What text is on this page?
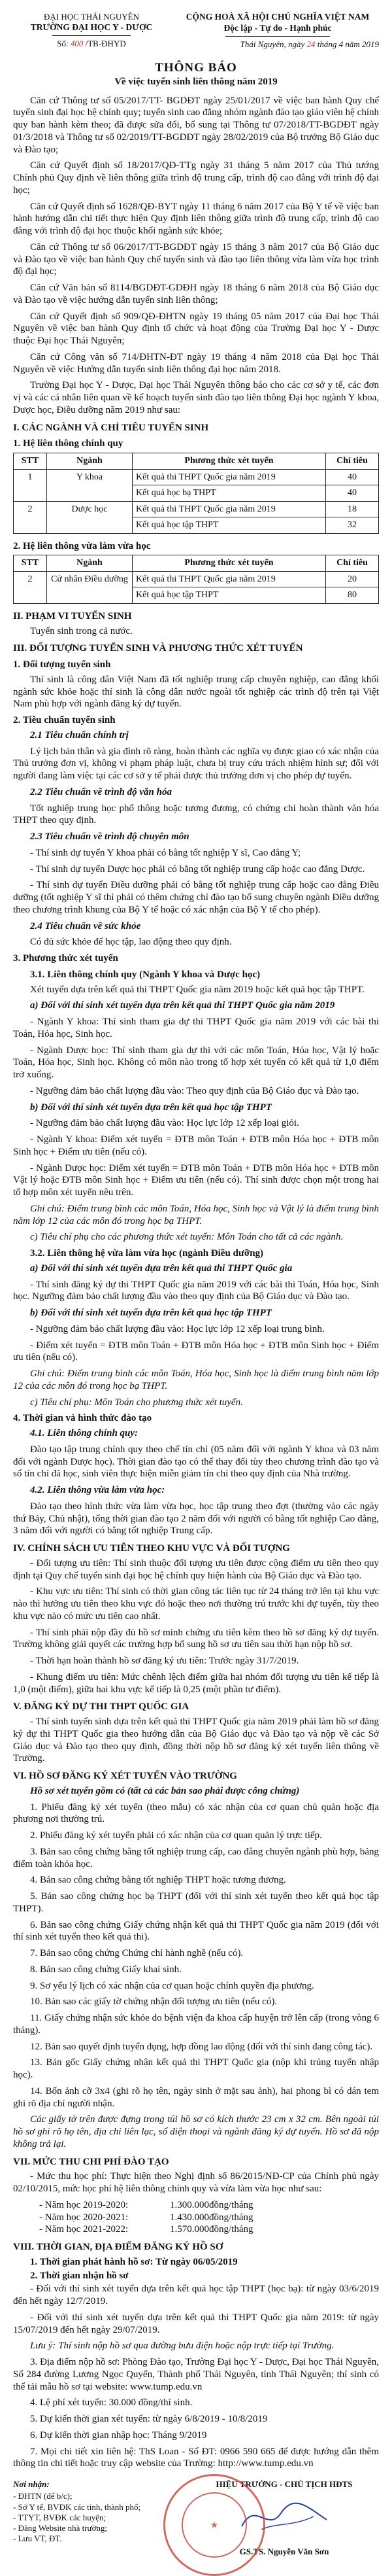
ĐẠI HỌC THÁI NGUYÊN
TRƯỜNG ĐẠI HỌC Y - DƯỢC
Số: 400 /TB-ĐHYD
CỘNG HOÀ XÃ HỘI CHỦ NGHĨA VIỆT NAM
Độc lập - Tự do - Hạnh phúc
Thái Nguyên, ngày 24 tháng 4 năm 2019
THÔNG BÁO
Về việc tuyển sinh liên thông năm 2019

Căn cứ Thông tư số 05/2017/TT- BGDĐT ngày 25/01/2017 về việc ban hành Quy chế tuyển sinh đại học hệ chính quy; tuyển sinh cao đẳng nhóm ngành đào tạo giáo viên hệ chính quy ban hành kèm theo; đã được sửa đổi, bổ sung tại Thông tư 07/2018/TT-BGDĐT ngày 01/3/2018 và Thông tư số 02/2019/TT-BGDĐT ngày 28/02/2019 của Bộ trưởng Bộ Giáo dục và Đào tạo;

Căn cứ Quyết định số 18/2017/QĐ-TTg ngày 31 tháng 5 năm 2017 của Thủ tướng Chính phủ Quy định về liên thông giữa trình độ trung cấp, trình độ cao đẳng với trình độ đại học;

Căn cứ Quyết định số 1628/QĐ-BYT ngày 11 tháng 6 năm 2017 của Bộ Y tế về việc ban hành hướng dẫn chi tiết thực hiện Quy định liên thông giữa trình độ trung cấp, trình độ cao đẳng với trình độ đại học thuộc khối ngành sức khỏe;

Căn cứ Thông tư số 06/2017/TT-BGDĐT ngày 15 tháng 3 năm 2017 của Bộ Giáo dục và Đào tạo về việc ban hành Quy chế tuyển sinh và đào tạo liên thông vừa làm vừa học trình độ đại học;

Căn cứ Văn bản số 8114/BGDĐT-GDĐH ngày 18 tháng 6 năm 2018 của Bộ Giáo dục và Đào tạo về việc hướng dẫn tuyển sinh liên thông;

Căn cứ Quyết định số 909/QĐ-ĐHTN ngày 19 tháng 05 năm 2017 của Đại học Thái Nguyên về việc ban hành Quy định tổ chức và hoạt động của Trường Đại học Y - Dược thuộc Đại học Thái Nguyên;

Căn cứ Công văn số 714/ĐHTN-ĐT ngày 19 tháng 4 năm 2018 của Đại học Thái Nguyên về việc Hướng dẫn tuyển sinh liên thông đại học năm 2018.

Trường Đại học Y - Dược, Đại học Thái Nguyên thông báo cho các cơ sở y tế, các đơn vị và các cá nhân liên quan về kế hoạch tuyển sinh đào tạo liên thông Đại học ngành Y khoa, Dược học, Điều dưỡng năm 2019 như sau:

I. CÁC NGÀNH VÀ CHỈ TIÊU TUYỂN SINH
1. Hệ liên thông chính quy
STT	Ngành	Phương thức xét tuyển	Chỉ tiêu
1	Y khoa	Kết quả thi THPT Quốc gia năm 2019	40
		Kết quả học bạ THPT	40
2	Dược học	Kết quả thi THPT Quốc gia năm 2019	18
		Kết quả học tập THPT	32
2. Hệ liên thông vừa làm vừa học
STT	Ngành	Phương thức xét tuyển	Chỉ tiêu
2	Cử nhân Điều dưỡng	Kết quả thi THPT Quốc gia năm 2019	20
		Kết quả học tập THPT	80
II. PHẠM VI TUYỂN SINH

Tuyển sinh trong cả nước.

III. ĐỐI TƯỢNG TUYỂN SINH VÀ PHƯƠNG THỨC XÉT TUYỂN
1. Đối tượng tuyển sinh

Thí sinh là công dân Việt Nam đã tốt nghiệp trung cấp chuyên nghiệp, cao đẳng khối ngành sức khỏe hoặc thí sinh là công dân nước ngoài tốt nghiệp các trình độ trên tại Việt Nam phù hợp với ngành đăng ký dự tuyển.

2. Tiêu chuẩn tuyển sinh

2.1 Tiêu chuẩn chính trị

Lý lịch bản thân và gia đình rõ ràng, hoàn thành các nghĩa vụ được giao có xác nhận của Thủ trưởng đơn vị, không vi phạm pháp luật, chưa bị truy cứu trách nhiệm hình sự; đối với người đang làm việc tại các cơ sở y tế phải được thủ trưởng đơn vị cho phép dự tuyển.

2.2 Tiêu chuẩn về trình độ văn hóa

Tốt nghiệp trung học phổ thông hoặc tương đương, có chứng chỉ hoàn thành văn hóa THPT theo quy định.

2.3 Tiêu chuẩn về trình độ chuyên môn

- Thí sinh dự tuyển Y khoa phải có bằng tốt nghiệp Y sĩ, Cao đẳng Y;

- Thí sinh dự tuyển Dược học phải có bằng tốt nghiệp trung cấp hoặc cao đẳng Dược.

- Thí sinh dự tuyển Điều dưỡng phải có bằng tốt nghiệp trung cấp hoặc cao đẳng Điều dưỡng (tốt nghiệp Y sĩ thì phải có thêm chứng chỉ đào tạo bổ sung chuyên ngành Điều dưỡng theo chương trình khung của Bộ Y tế hoặc có xác nhận của Bộ Y tế cho phép).

2.4 Tiêu chuẩn về sức khỏe

Có đủ sức khỏe để học tập, lao động theo quy định.

3. Phương thức xét tuyển

3.1. Liên thông chính quy (Ngành Y khoa và Dược học)

Xét tuyển dựa trên kết quả thi THPT Quốc gia năm 2019 hoặc kết quả học tập THPT.

a) Đối với thí sinh xét tuyển dựa trên kết quả thi THPT Quốc gia năm 2019

- Ngành Y khoa: Thí sinh tham gia dự thi THPT Quốc gia năm 2019 với các bài thi Toán, Hóa học, Sinh học.

- Ngành Dược học: Thí sinh tham gia dự thi với các môn Toán, Hóa học, Vật lý hoặc Toán, Hóa học, Sinh học. Không có môn nào trong tổ hợp xét tuyển có kết quả từ 1,0 điểm trở xuống.

- Ngưỡng đảm bảo chất lượng đầu vào: Theo quy định của Bộ Giáo dục và Đào tạo.

b) Đối với thí sinh xét tuyển dựa trên kết quả học tập THPT

- Ngưỡng đảm bảo chất lượng đầu vào: Học lực lớp 12 xếp loại giỏi.

- Ngành Y khoa: Điểm xét tuyển = ĐTB môn Toán + ĐTB môn Hóa học + ĐTB môn Sinh học + Điểm ưu tiên (nếu có).

- Ngành Dược học: Điểm xét tuyển = ĐTB môn Toán + ĐTB môn Hóa học + ĐTB môn Vật lý hoặc ĐTB môn Sinh học + Điểm ưu tiên (nếu có). Thí sinh được chọn một trong hai tổ hợp môn xét tuyển nêu trên.

Ghi chú: Điểm trung bình các môn Toán, Hóa học, Sinh học và Vật lý là điểm trung bình năm lớp 12 của các môn đó trong học bạ THPT.

c) Tiêu chí phụ cho các phương thức xét tuyển: Môn Toán cho tất cả các ngành.

3.2. Liên thông hệ vừa làm vừa học (ngành Điều dưỡng)

a) Đối với thí sinh xét tuyển dựa trên kết quả thi THPT Quốc gia

- Thí sinh đăng ký dự thi THPT Quốc gia năm 2019 với các bài thi Toán, Hóa học, Sinh học. Ngưỡng đảm bảo chất lượng đầu vào theo quy định của Bộ Giáo dục và Đào tạo.

b) Đối với thí sinh xét tuyển dựa trên kết quả học tập THPT

- Ngưỡng đảm bảo chất lượng đầu vào: Học lực lớp 12 xếp loại trung bình.

- Điểm xét tuyển = ĐTB môn Toán + ĐTB môn Hóa học + ĐTB môn Sinh học + Điểm ưu tiên (nếu có).

Ghi chú: Điểm trung bình các môn Toán, Hóa học, Sinh học là điểm trung bình năm lớp 12 của các môn đó trong học bạ THPT.

c) Tiêu chí phụ: Môn Toán cho phương thức xét tuyển.

4. Thời gian và hình thức đào tạo

4.1. Liên thông chính quy:

Đào tạo tập trung chính quy theo chế tín chỉ (05 năm đối với ngành Y khoa và 03 năm đối với ngành Dược học). Thời gian đào tạo có thể thay đổi tùy theo chương trình đào tạo và số tín chỉ đã học, sinh viên thực hiện miễn giảm tín chỉ theo quy định của Nhà trường.

4.2. Liên thông vừa làm vừa học:

Đào tạo theo hình thức vừa làm vừa học, học tập trung theo đợt (thường vào các ngày thứ Bảy, Chủ nhật), tổng thời gian đào tạo 2 năm đối với người có bằng tốt nghiệp Cao đẳng, 3 năm đối với người có bằng tốt nghiệp Trung cấp.

IV. CHÍNH SÁCH ƯU TIÊN THEO KHU VỰC VÀ ĐỐI TƯỢNG

- Đối tượng ưu tiên: Thí sinh thuộc đối tượng ưu tiên được cộng điểm ưu tiên theo quy định tại Quy chế tuyển sinh đại học hệ chính quy hiện hành của Bộ Giáo dục và Đào tạo.

- Khu vực ưu tiên: Thí sinh có thời gian công tác liên tục từ 24 tháng trở lên tại khu vực nào thì hưởng ưu tiên theo khu vực đó hoặc theo nơi thường trú trước khi dự tuyển, tùy theo khu vực nào có mức ưu tiên cao nhất.

- Thí sinh phải nộp đầy đủ hồ sơ minh chứng ưu tiên kèm theo hồ sơ đăng ký dự tuyển. Trường không giải quyết các trường hợp bổ sung hồ sơ ưu tiên sau thời hạn nộp hồ sơ.

- Thời hạn hoàn thành hồ sơ đăng ký ưu tiên: Trước ngày 31/7/2019.

- Khung điểm ưu tiên: Mức chênh lệch điểm giữa hai nhóm đối tượng ưu tiên kế tiếp là 1,0 (một điểm), giữa hai khu vực kế tiếp là 0,25 (một phần tư điểm).

V. ĐĂNG KÝ DỰ THI THPT QUỐC GIA

- Thí sinh tuyển sinh dựa trên kết quả thi THPT Quốc gia năm 2019 phải làm hồ sơ đăng ký dự thi THPT Quốc gia theo hướng dẫn của Bộ Giáo dục và Đào tạo và nộp về các Sở Giáo dục và Đào tạo theo quy định, đồng thời nộp hồ sơ đăng ký xét tuyển liên thông về Trường.

VI. HỒ SƠ ĐĂNG KÝ XÉT TUYỂN VÀO TRƯỜNG

Hồ sơ xét tuyển gồm có (tất cả các bản sao phải được công chứng)

1. Phiếu đăng ký xét tuyển (theo mẫu) có xác nhận của cơ quan chủ quản hoặc địa phương nơi thường trú.

2. Phiếu đăng ký xét tuyển phải có xác nhận của cơ quan quản lý trực tiếp.

3. Bản sao công chứng bằng tốt nghiệp trung cấp, cao đẳng chuyên ngành phù hợp, bảng điểm toàn khóa học.

4. Bản sao công chứng bằng tốt nghiệp THPT hoặc tương đương.

5. Bản sao công chứng học bạ THPT (đối với thí sinh xét tuyển theo kết quả học tập THPT).

6. Bản sao công chứng Giấy chứng nhận kết quả thi THPT Quốc gia năm 2019 (đối với thí sinh xét tuyển theo kết quả thi).

7. Bản sao công chứng Chứng chỉ hành nghề (nếu có).

8. Bản sao công chứng Giấy khai sinh.

9. Sơ yếu lý lịch có xác nhận của cơ quan hoặc chính quyền địa phương.

10. Bản sao các giấy tờ chứng nhận đối tượng ưu tiên (nếu có).

11. Giấy chứng nhận sức khỏe do bệnh viện đa khoa cấp huyện trở lên cấp (trong vòng 6 tháng).

12. Bản sao quyết định tuyển dụng, hợp đồng lao động (đối với thí sinh đang công tác).

13. Bản gốc Giấy chứng nhận kết quả thi THPT Quốc gia (nộp khi trúng tuyển nhập học).

14. Bốn ảnh cỡ 3x4 (ghi rõ họ tên, ngày sinh ở mặt sau ảnh), hai phong bì có dán tem ghi rõ địa chỉ người nhận.

Các giấy tờ trên được đựng trong túi hồ sơ có kích thước 23 cm x 32 cm. Bên ngoài túi hồ sơ ghi rõ họ tên, địa chỉ liên lạc, số điện thoại và ngành đăng ký dự tuyển. Hồ sơ đã nộp không trả lại.

VII. MỨC THU CHI PHÍ ĐÀO TẠO

- Mức thu học phí: Thực hiện theo Nghị định số 86/2015/NĐ-CP của Chính phủ ngày 02/10/2015, mức học phí hệ liên thông chính quy và vừa làm vừa học như sau:

- Năm học 2019-2020:	1.300.000đồng/tháng
- Năm học 2020-2021:	1.430.000đồng/tháng
- Năm học 2021-2022:	1.570.000đồng/tháng
VIII. THỜI GIAN, ĐỊA ĐIỂM ĐĂNG KÝ HỒ SƠ

1. Thời gian phát hành hồ sơ: Từ ngày 06/05/2019

2. Thời gian nhận hồ sơ

- Đối với thí sinh xét tuyển dựa trên kết quả học tập THPT (học bạ): từ ngày 03/6/2019 đến hết ngày 12/7/2019.

- Đối với thí sinh xét tuyển dựa trên kết quả thi THPT Quốc gia năm 2019: từ ngày 15/07/2019 đến hết ngày 29/07/2019.

Lưu ý: Thí sinh nộp hồ sơ qua đường bưu điện hoặc nộp trực tiếp tại Trường.

3. Địa điểm nộp hồ sơ: Phòng Đào tạo, Trường Đại học Y - Dược, Đại học Thái Nguyên, Số 284 đường Lương Ngọc Quyến, Thành phố Thái Nguyên, tỉnh Thái Nguyên; thí sinh có thể tải mẫu hồ sơ tại website: www.tump.edu.vn

4. Lệ phí xét tuyển: 30.000 đồng/thí sinh.

5. Dự kiến thời gian xét tuyển: từ ngày 6/8/2019 - 10/8/2019

6. Dự kiến thời gian nhập học: Tháng 9/2019

7. Mọi chi tiết xin liên hệ: ThS Loan - Số ĐT: 0966 590 665 để được hướng dẫn thêm thông tin chi tiết hoặc truy cập website của Trường: http://www.tump.edu.vn

Nơi nhận:
- ĐHTN (để b/c);
- Sở Y tế, BVĐK các tỉnh, thành phố;
- TTYT, BVĐK các huyện;
- Đăng Website nhà trường;
- Lưu VT, ĐT.
HIỆU TRƯỞNG - CHỦ TỊCH HĐTS
GS.TS. Nguyễn Văn Sơn
★
